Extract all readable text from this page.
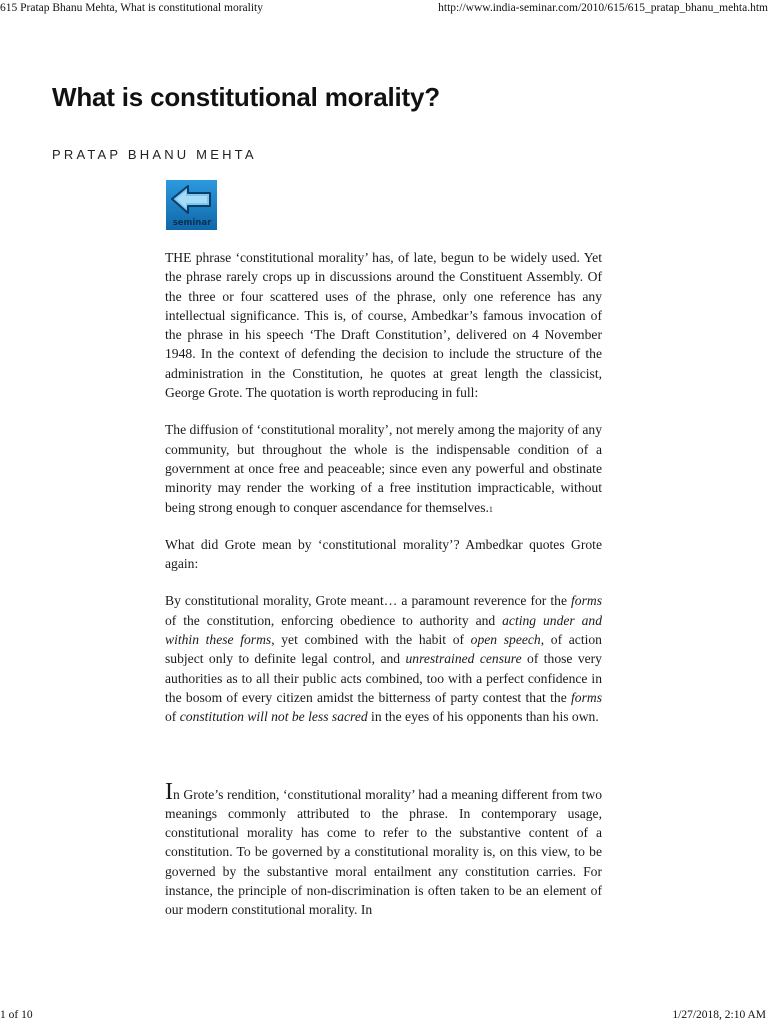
615 Pratap Bhanu Mehta, What is constitutional morality	http://www.india-seminar.com/2010/615/615_pratap_bhanu_mehta.htm
What is constitutional morality?
PRATAP BHANU MEHTA
seminar

THE phrase ‘constitutional morality’ has, of late, begun to be widely used. Yet the phrase rarely crops up in discussions around the Constituent Assembly. Of the three or four scattered uses of the phrase, only one reference has any intellectual significance. This is, of course, Ambedkar’s famous invocation of the phrase in his speech ‘The Draft Constitution’, delivered on 4 November 1948. In the context of defending the decision to include the structure of the administration in the Constitution, he quotes at great length the classicist, George Grote. The quotation is worth reproducing in full:

The diffusion of ‘constitutional morality’, not merely among the majority of any community, but throughout the whole is the indispensable condition of a government at once free and peaceable; since even any powerful and obstinate minority may render the working of a free institution impracticable, without being strong enough to conquer ascendance for themselves.$^1$

What did Grote mean by ‘constitutional morality’? Ambedkar quotes Grote again:

By constitutional morality, Grote meant… a paramount reverence for the forms of the constitution, enforcing obedience to authority and acting under and within these forms, yet combined with the habit of open speech, of action subject only to definite legal control, and unrestrained censure of those very authorities as to all their public acts combined, too with a perfect confidence in the bosom of every citizen amidst the bitterness of party contest that the forms of constitution will not be less sacred in the eyes of his opponents than his own.

In Grote’s rendition, ‘constitutional morality’ had a meaning different from two meanings commonly attributed to the phrase. In contemporary usage, constitutional morality has come to refer to the substantive content of a constitution. To be governed by a constitutional morality is, on this view, to be governed by the substantive moral entailment any constitution carries. For instance, the principle of non-discrimination is often taken to be an element of our modern constitutional morality. In

1 of 10	1/27/2018, 2:10 AM
